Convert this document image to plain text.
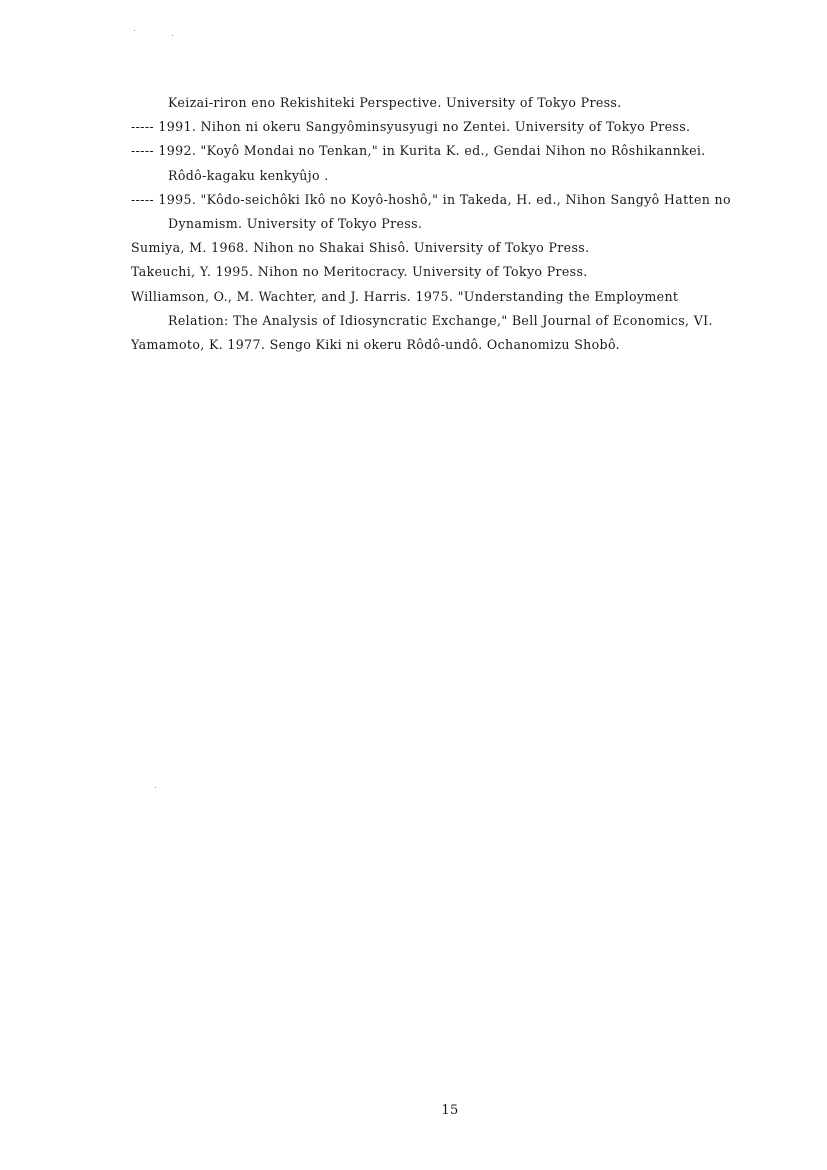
Keizai-riron eno Rekishiteki Perspective. University of Tokyo Press.
----- 1991. Nihon ni okeru Sangyôminsyusyugi no Zentei. University of Tokyo Press.
----- 1992. "Koyô Mondai no Tenkan," in Kurita K. ed., Gendai Nihon no Rôshikannkei. Rôdô-kagaku kenkyûjo .
----- 1995. "Kôdo-seichôki Ikô no Koyô-hoshô," in Takeda, H. ed., Nihon Sangyô Hatten no Dynamism. University of Tokyo Press.
Sumiya, M. 1968. Nihon no Shakai Shisô. University of Tokyo Press.
Takeuchi, Y. 1995. Nihon no Meritocracy. University of Tokyo Press.
Williamson, O., M. Wachter, and J. Harris. 1975. "Understanding the Employment Relation: The Analysis of Idiosyncratic Exchange," Bell Journal of Economics, VI.
Yamamoto, K. 1977. Sengo Kiki ni okeru Rôdô-undô. Ochanomizu Shobô.
15
